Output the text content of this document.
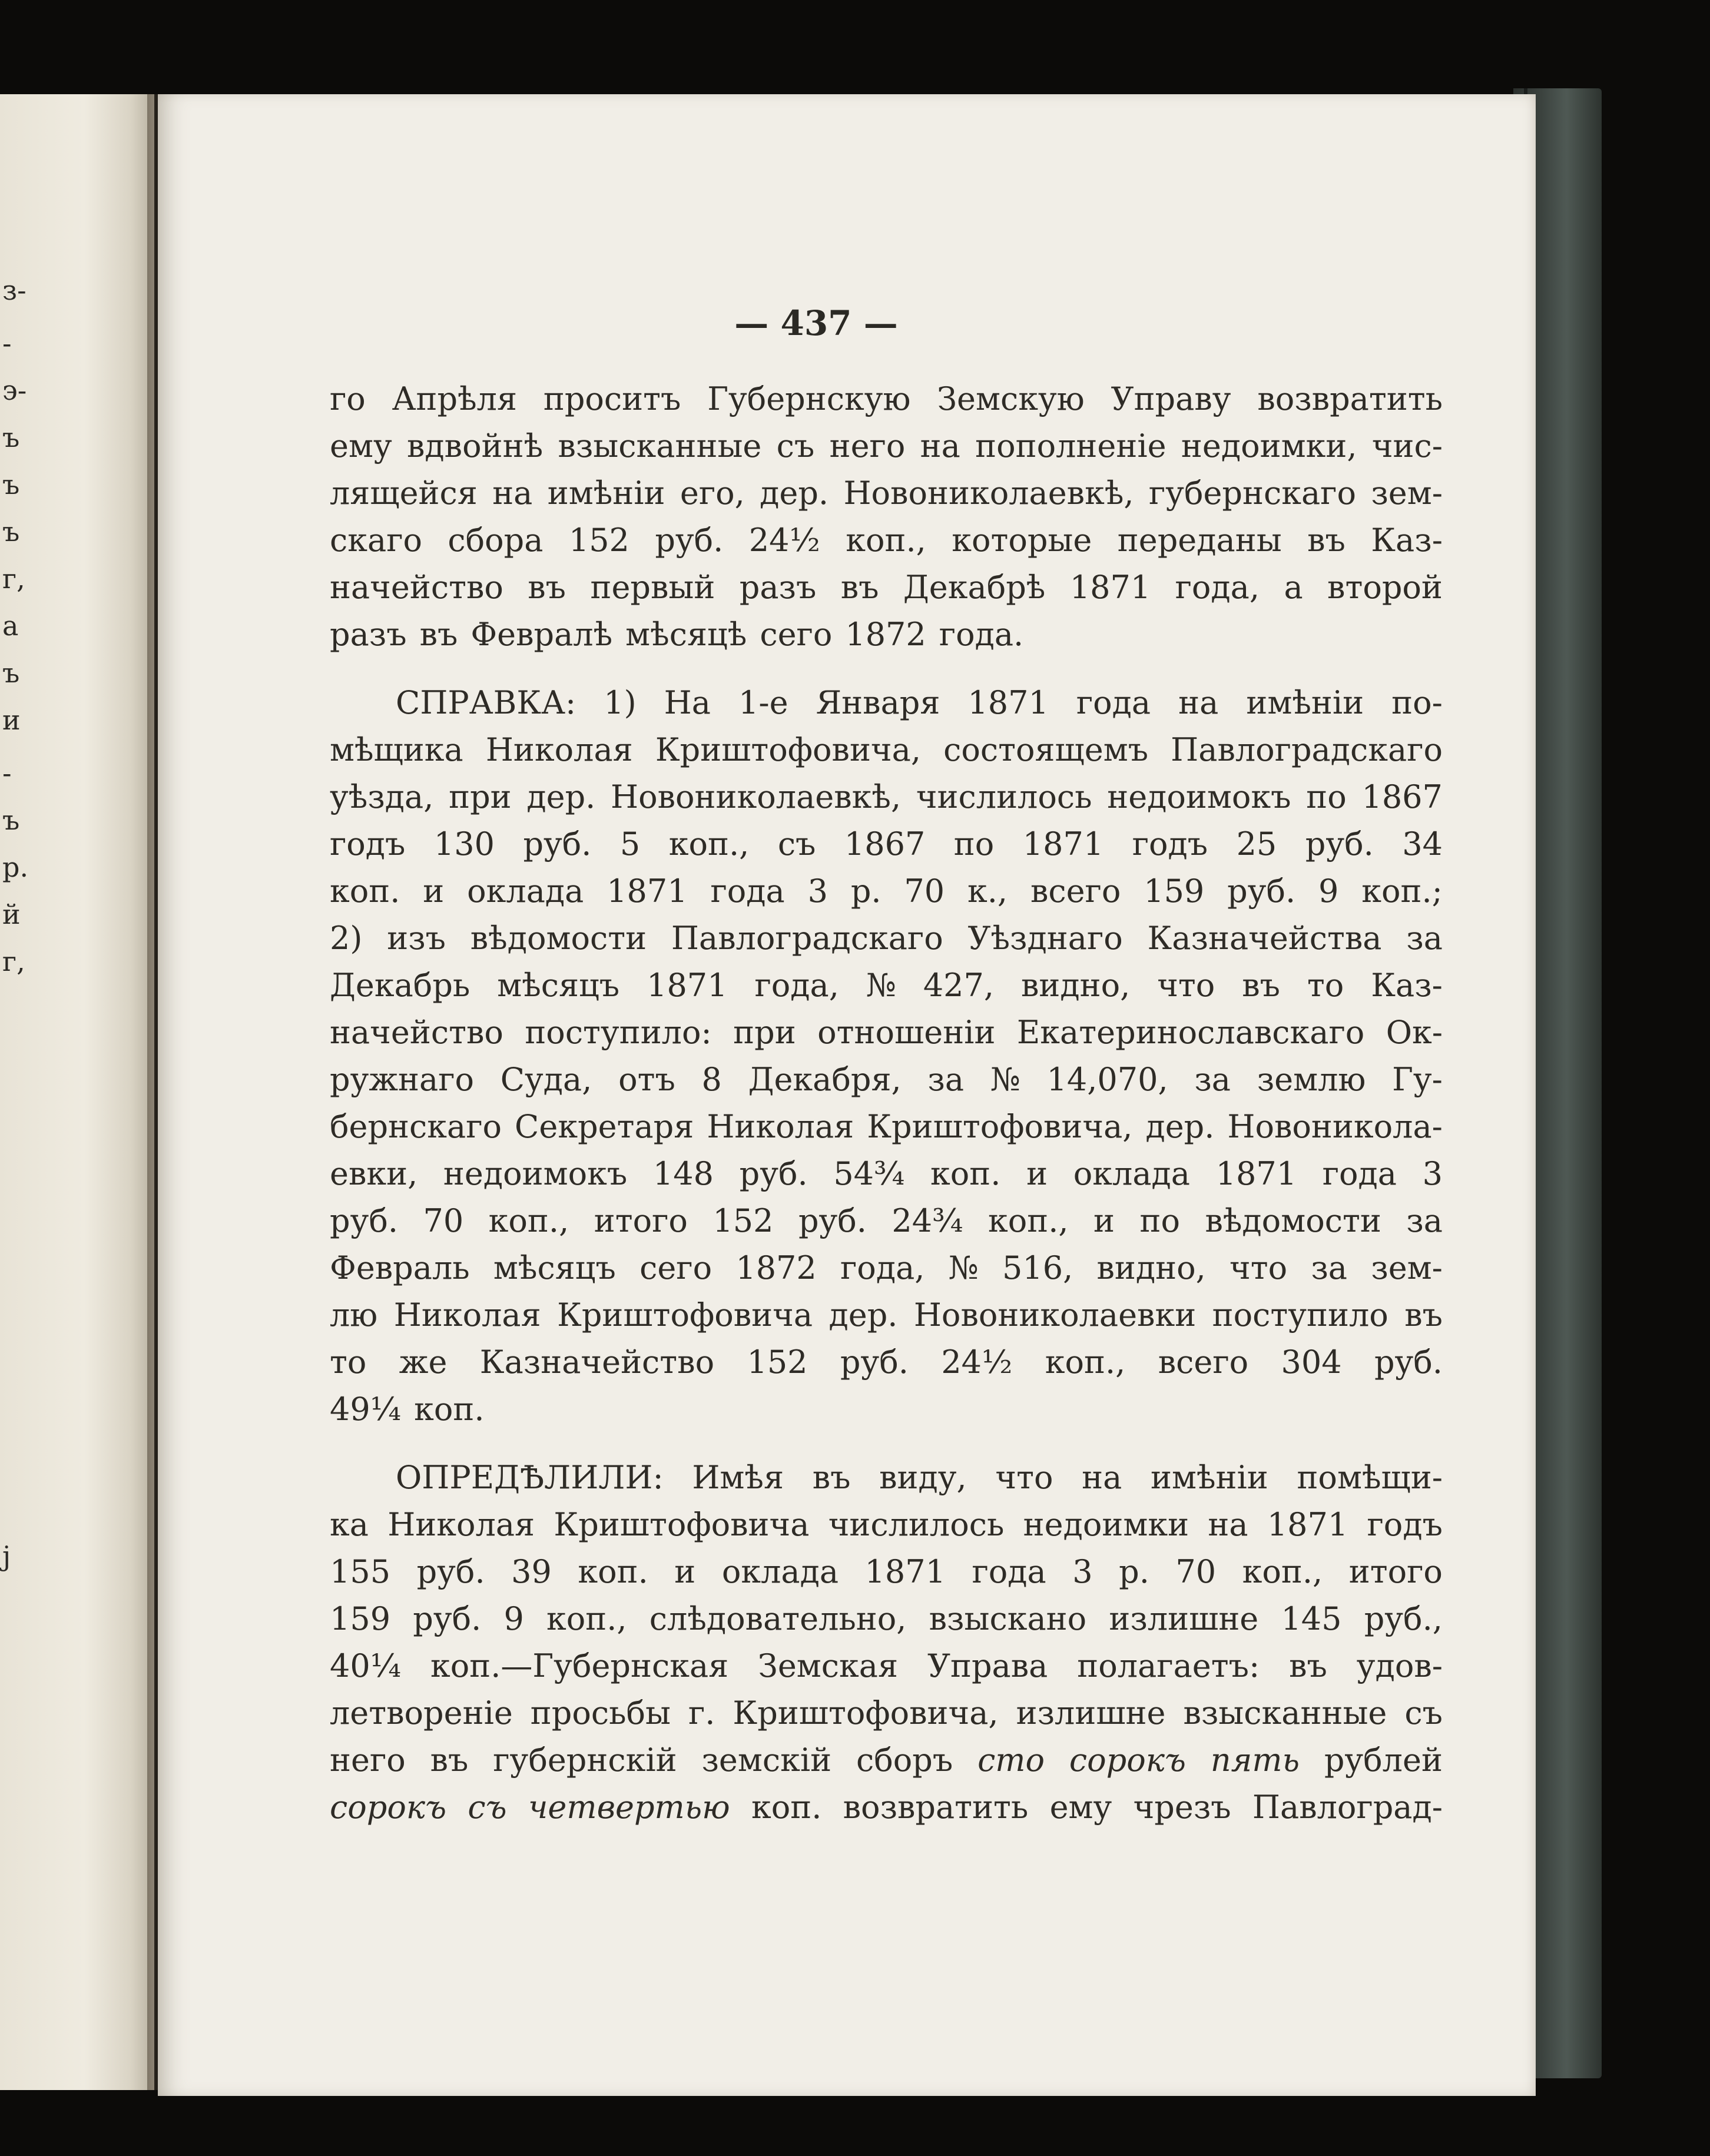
з-
-
э-
ъ
ъ
ъ
г,
а
ъ
и
-
ъ
р.
й
г,
ј
— 437 —
го Апрѣля проситъ Губернскую Земскую Управу возвратить
ему вдвойнѣ взысканные съ него на пополненіе недоимки, чис-
лящейся на имѣніи его, дер. Новониколаевкѣ, губернскаго зем-
скаго сбора 152 руб. 24½ коп., которые переданы въ Каз-
начейство въ первый разъ въ Декабрѣ 1871 года, а второй
разъ въ Февралѣ мѣсяцѣ сего 1872 года.
СПРАВКА: 1) На 1-е Января 1871 года на имѣніи по-
мѣщика Николая Криштофовича, состоящемъ Павлоградскаго
уѣзда, при дер. Новониколаевкѣ, числилось недоимокъ по 1867
годъ 130 руб. 5 коп., съ 1867 по 1871 годъ 25 руб. 34
коп. и оклада 1871 года 3 р. 70 к., всего 159 руб. 9 коп.;
2) изъ вѣдомости Павлоградскаго Уѣзднаго Казначейства за
Декабрь мѣсяцъ 1871 года, № 427, видно, что въ то Каз-
начейство поступило: при отношеніи Екатеринославскаго Ок-
ружнаго Суда, отъ 8 Декабря, за № 14,070, за землю Гу-
бернскаго Секретаря Николая Криштофовича, дер. Новоникола-
евки, недоимокъ 148 руб. 54¾ коп. и оклада 1871 года 3
руб. 70 коп., итого 152 руб. 24¾ коп., и по вѣдомости за
Февраль мѣсяцъ сего 1872 года, № 516, видно, что за зем-
лю Николая Криштофовича дер. Новониколаевки поступило въ
то же Казначейство 152 руб. 24½ коп., всего 304 руб.
49¼ коп.
ОПРЕДѢЛИЛИ: Имѣя въ виду, что на имѣніи помѣщи-
ка Николая Криштофовича числилось недоимки на 1871 годъ
155 руб. 39 коп. и оклада 1871 года 3 р. 70 коп., итого
159 руб. 9 коп., слѣдовательно, взыскано излишне 145 руб.,
40¼ коп.—Губернская Земская Управа полагаетъ: въ удов-
летвореніе просьбы г. Криштофовича, излишне взысканные съ
него въ губернскій земскій сборъ сто сорокъ пять рублей
сорокъ съ четвертью коп. возвратить ему чрезъ Павлоград-
